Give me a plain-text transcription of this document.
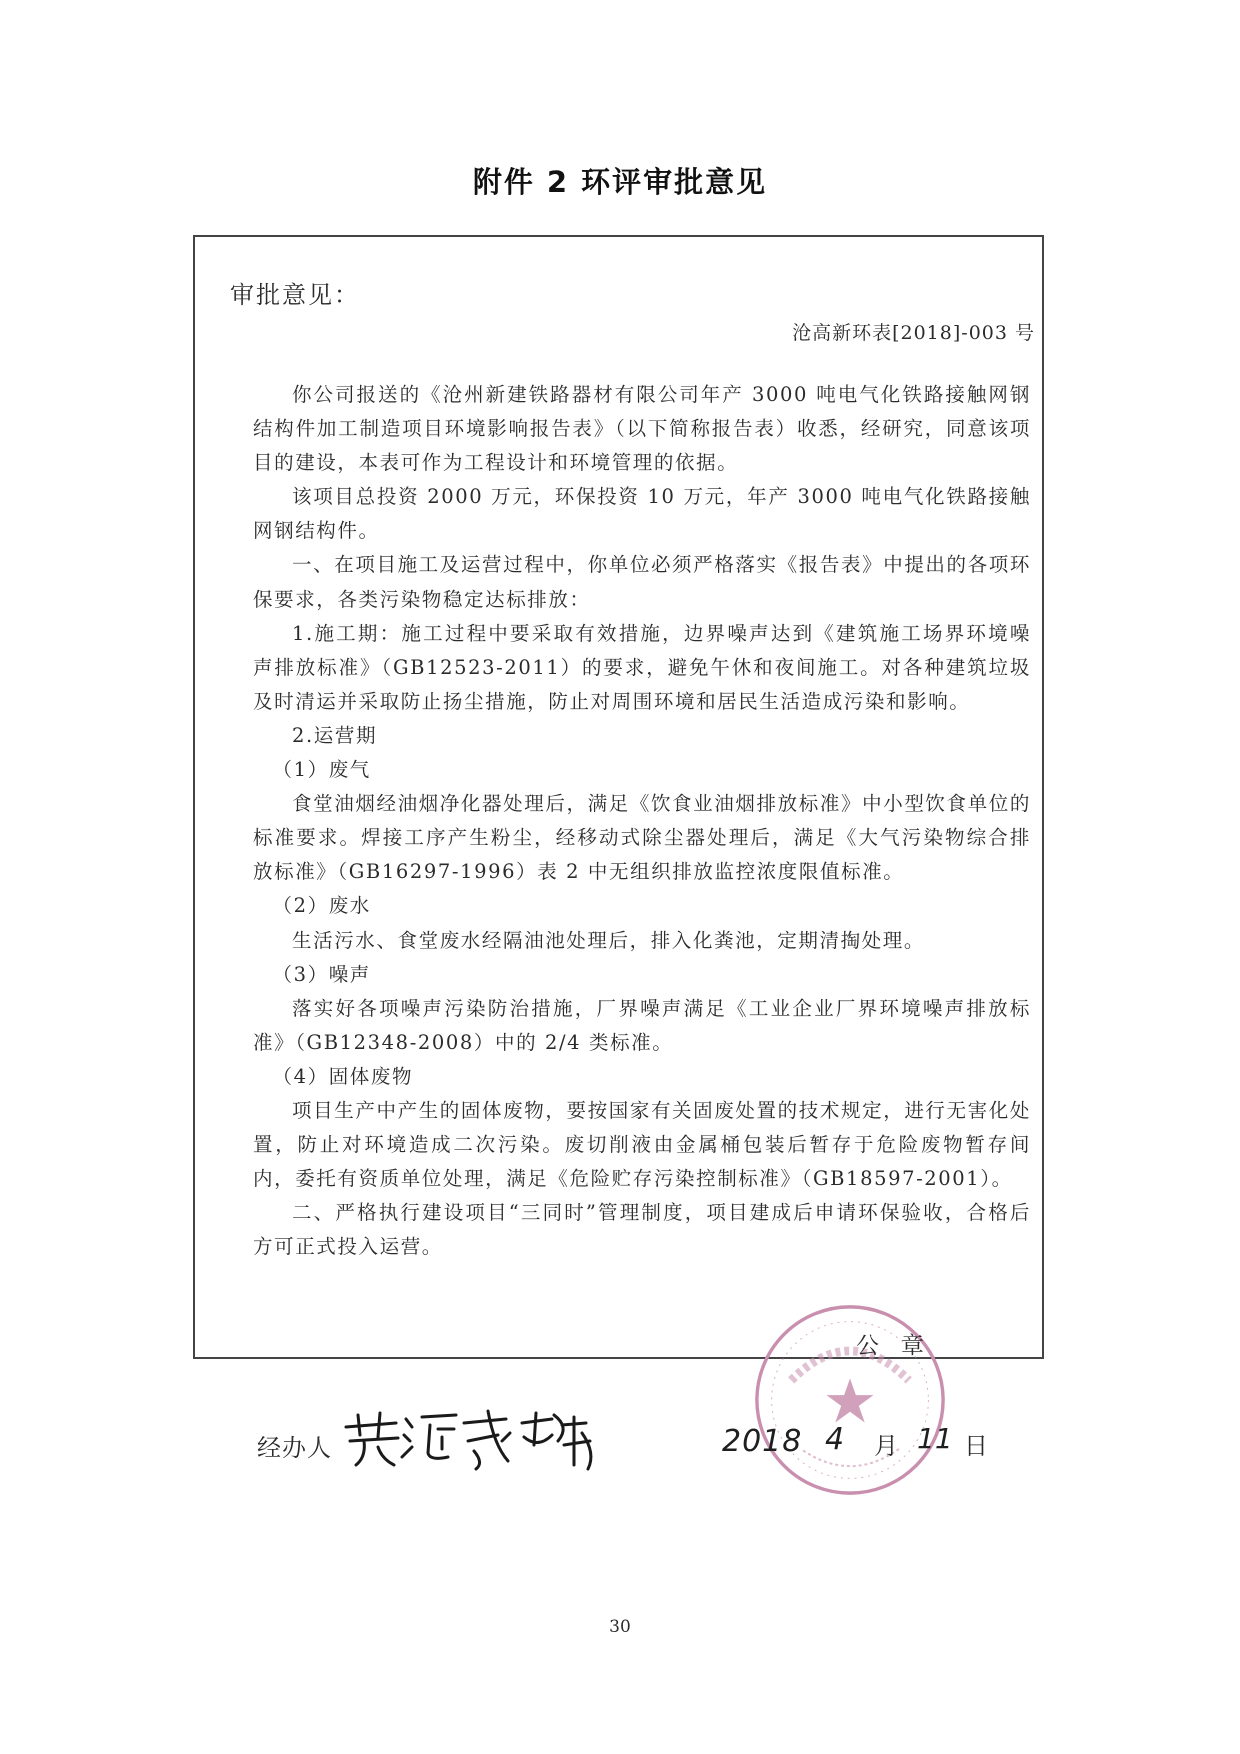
附件 2 环评审批意见
审批意见：
沧高新环表[2018]-003 号

你公司报送的《沧州新建铁路器材有限公司年产 3000 吨电气化铁路接触网钢结构件加工制造项目环境影响报告表》（以下简称报告表）收悉，经研究，同意该项目的建设，本表可作为工程设计和环境管理的依据。

该项目总投资 2000 万元，环保投资 10 万元，年产 3000 吨电气化铁路接触网钢结构件。

一、在项目施工及运营过程中，你单位必须严格落实《报告表》中提出的各项环保要求，各类污染物稳定达标排放：

1.施工期：施工过程中要采取有效措施，边界噪声达到《建筑施工场界环境噪声排放标准》（GB12523-2011）的要求，避免午休和夜间施工。对各种建筑垃圾及时清运并采取防止扬尘措施，防止对周围环境和居民生活造成污染和影响。

2.运营期

（1）废气

食堂油烟经油烟净化器处理后，满足《饮食业油烟排放标准》中小型饮食单位的标准要求。焊接工序产生粉尘，经移动式除尘器处理后，满足《大气污染物综合排放标准》（GB16297-1996）表 2 中无组织排放监控浓度限值标准。

（2）废水

生活污水、食堂废水经隔油池处理后，排入化粪池，定期清掏处理。

（3）噪声

落实好各项噪声污染防治措施，厂界噪声满足《工业企业厂界环境噪声排放标准》（GB12348-2008）中的 2/4 类标准。

（4）固体废物

项目生产中产生的固体废物，要按国家有关固废处置的技术规定，进行无害化处置，防止对环境造成二次污染。废切削液由金属桶包装后暂存于危险废物暂存间内，委托有资质单位处理，满足《危险贮存污染控制标准》（GB18597-2001）。

二、严格执行建设项目“三同时”管理制度，项目建成后申请环保验收，合格后方可正式投入运营。

公章
经办人	2018 4 月 11 日
30
